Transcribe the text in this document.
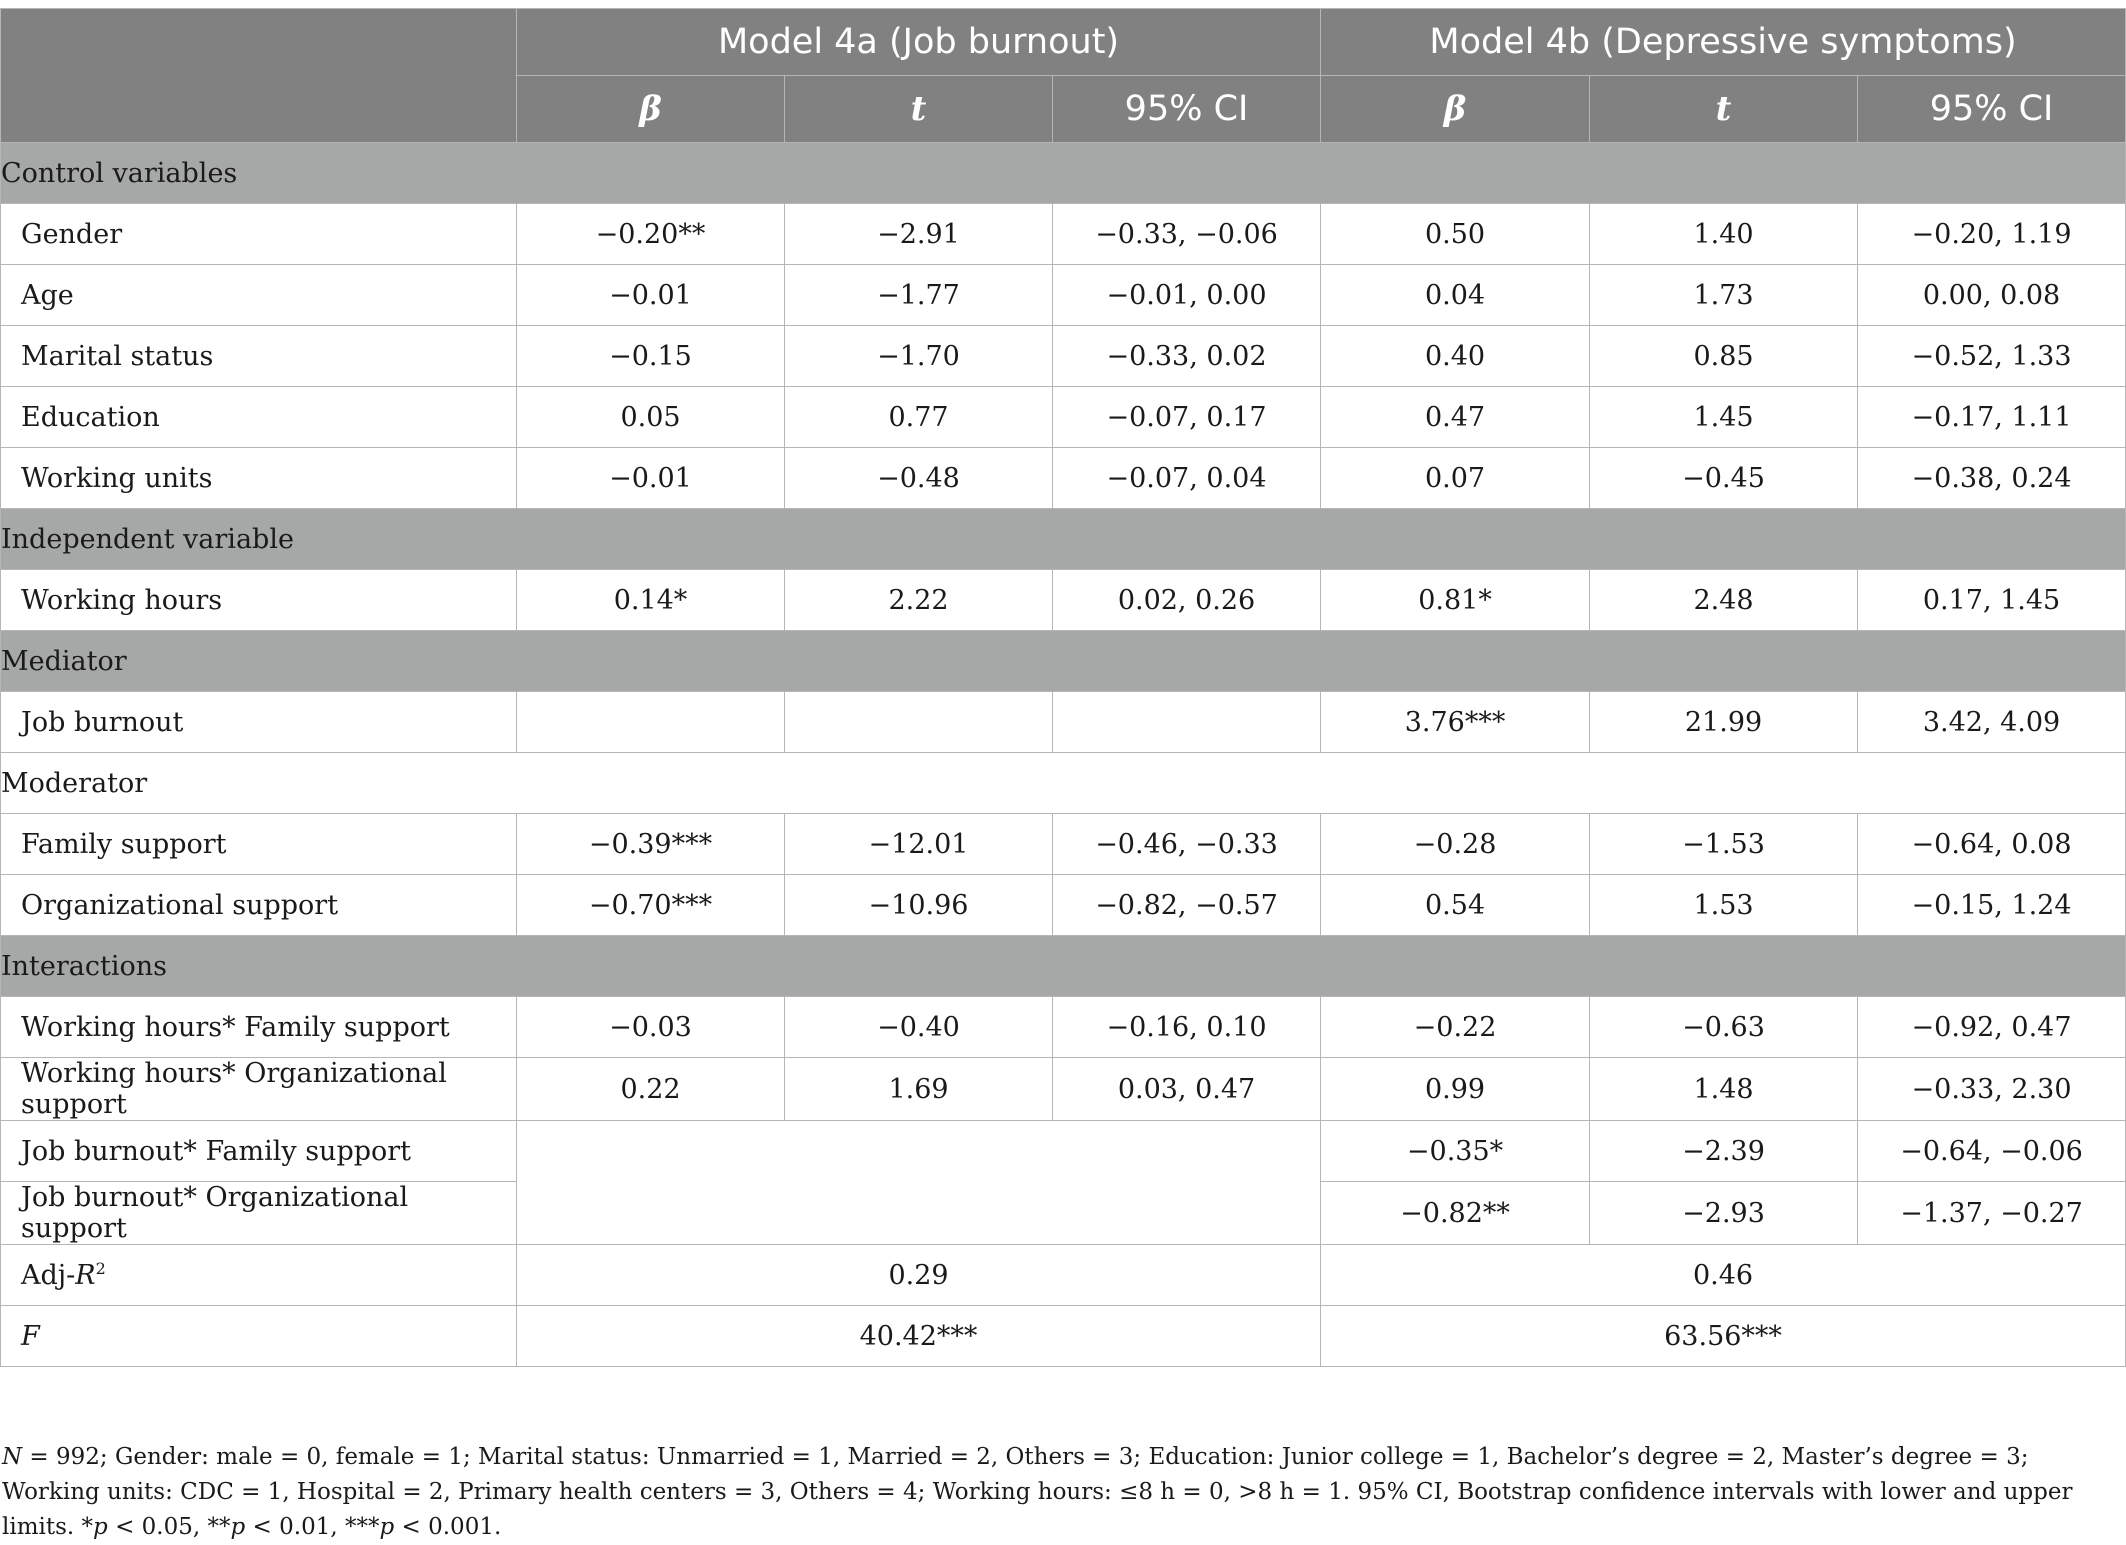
	Model 4a (Job burnout)			Model 4b (Depressive symptoms)		
	β	t	95% CI	β	t	95% CI
Control variables						
Gender	−0.20**	−2.91	−0.33, −0.06	0.50	1.40	−0.20, 1.19
Age	−0.01	−1.77	−0.01, 0.00	0.04	1.73	0.00, 0.08
Marital status	−0.15	−1.70	−0.33, 0.02	0.40	0.85	−0.52, 1.33
Education	0.05	0.77	−0.07, 0.17	0.47	1.45	−0.17, 1.11
Working units	−0.01	−0.48	−0.07, 0.04	0.07	−0.45	−0.38, 0.24
Independent variable						
Working hours	0.14*	2.22	0.02, 0.26	0.81*	2.48	0.17, 1.45
Mediator						
Job burnout				3.76***	21.99	3.42, 4.09
Moderator						
Family support	−0.39***	−12.01	−0.46, −0.33	−0.28	−1.53	−0.64, 0.08
Organizational support	−0.70***	−10.96	−0.82, −0.57	0.54	1.53	−0.15, 1.24
Interactions						
Working hours* Family support	−0.03	−0.40	−0.16, 0.10	−0.22	−0.63	−0.92, 0.47
Working hours* Organizational support	0.22	1.69	0.03, 0.47	0.99	1.48	−0.33, 2.30
Job burnout* Family support				−0.35*	−2.39	−0.64, −0.06
Job burnout* Organizational support				−0.82**	−2.93	−1.37, −0.27
Adj-$R^2$	0.29			0.46		
F	40.42***			63.56***		
N = 992; Gender: male = 0, female = 1; Marital status: Unmarried = 1, Married = 2, Others = 3; Education: Junior college = 1, Bachelor’s degree = 2, Master’s degree = 3; Working units: CDC = 1, Hospital = 2, Primary health centers = 3, Others = 4; Working hours: ≤8 h = 0, >8 h = 1. 95% CI, Bootstrap confidence intervals with lower and upper limits. *p < 0.05, **p < 0.01, ***p < 0.001.
